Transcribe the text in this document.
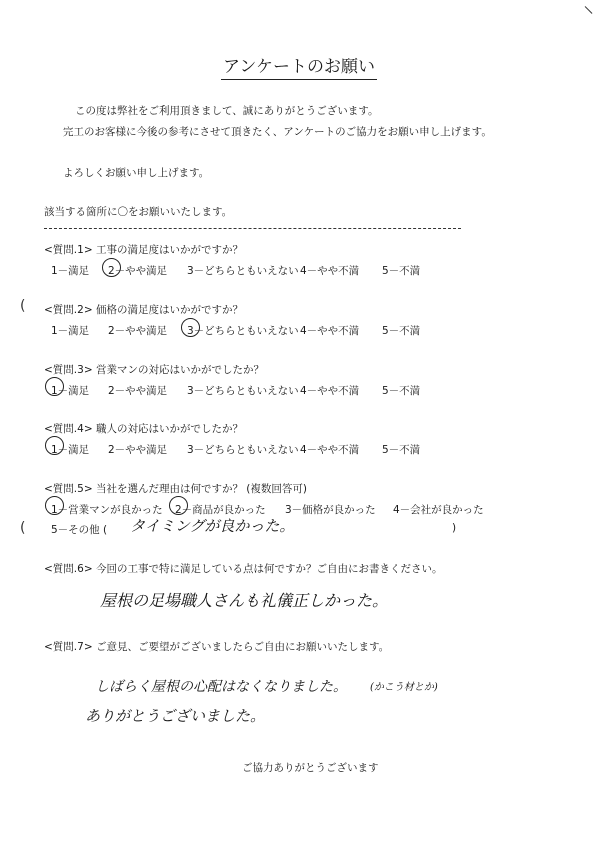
アンケートのお願い
この度は弊社をご利用頂きまして、誠にありがとうございます。
完工のお客様に今後の参考にさせて頂きたく、アンケートのご協力をお願い申し上げます。
よろしくお願い申し上げます。
該当する箇所に〇をお願いいたします。
<質問.1> 工事の満足度はいかがですか？
1－満足 2－やや満足 3－どちらともいえない 4－やや不満 5－不満
( <質問.2> 価格の満足度はいかがですか？
1－満足 2－やや満足 3－どちらともいえない 4－やや不満 5－不満
<質問.3> 営業マンの対応はいかがでしたか？
1－満足 2－やや満足 3－どちらともいえない 4－やや不満 5－不満
<質問.4> 職人の対応はいかがでしたか？
1－満足 2－やや満足 3－どちらともいえない 4－やや不満 5－不満
<質問.5> 当社を選んだ理由は何ですか？ (複数回答可)
1－営業マンが良かった 2－商品が良かった 3－価格が良かった 4－会社が良かった
( 5－その他 ( タイミングが良かった。	)
<質問.6> 今回の工事で特に満足している点は何ですか？ご自由にお書きください。
屋根の足場職人さんも礼儀正しかった。
<質問.7> ご意見、ご要望がございましたらご自由にお願いいたします。
しばらく屋根の心配はなくなりました。 (かこう材とか)
ありがとうございました。
ご協力ありがとうございます
